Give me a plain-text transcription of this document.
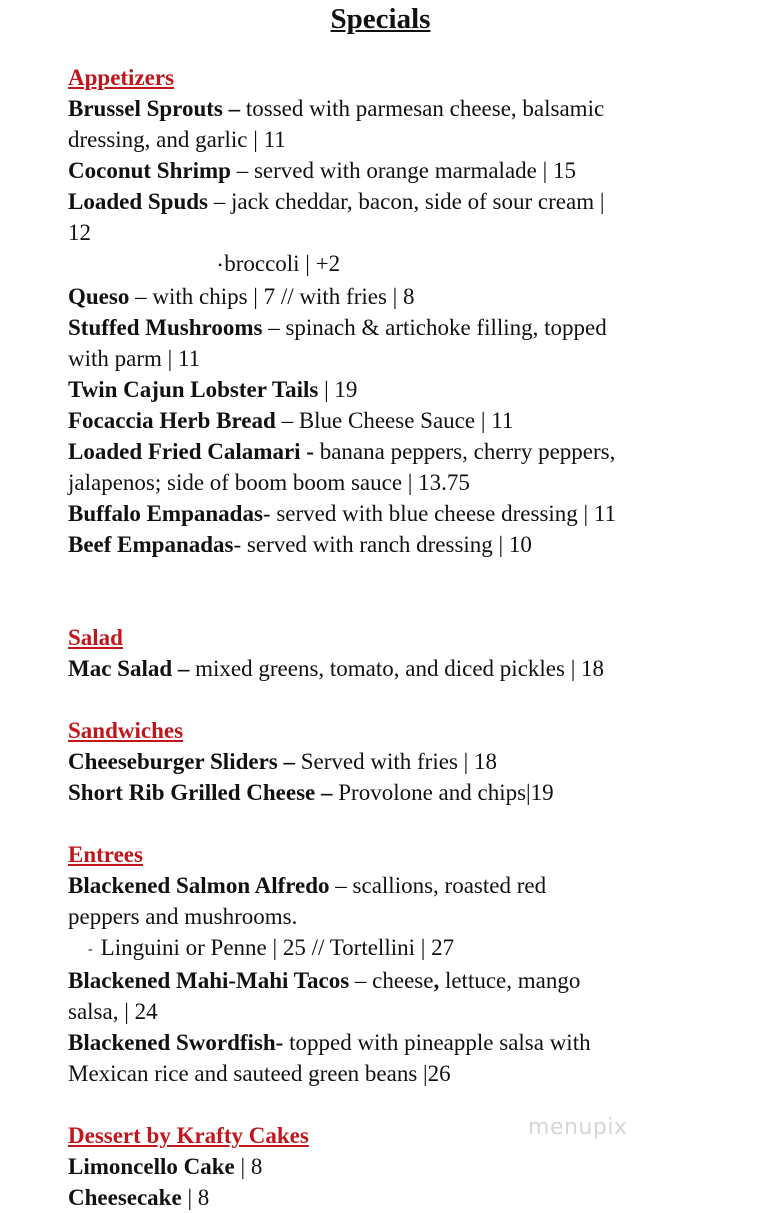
Specials
Appetizers
Brussel Sprouts – tossed with parmesan cheese, balsamic
dressing, and garlic | 11
Coconut Shrimp – served with orange marmalade | 15
Loaded Spuds – jack cheddar, bacon, side of sour cream |
12
•broccoli | +2
Queso – with chips | 7 // with fries | 8
Stuffed Mushrooms – spinach & artichoke filling, topped
with parm | 11
Twin Cajun Lobster Tails | 19
Focaccia Herb Bread – Blue Cheese Sauce | 11
Loaded Fried Calamari - banana peppers, cherry peppers,
jalapenos; side of boom boom sauce | 13.75
Buffalo Empanadas- served with blue cheese dressing | 11
Beef Empanadas- served with ranch dressing | 10
Salad
Mac Salad – mixed greens, tomato, and diced pickles | 18
Sandwiches
Cheeseburger Sliders – Served with fries | 18
Short Rib Grilled Cheese – Provolone and chips|19
Entrees
Blackened Salmon Alfredo – scallions, roasted red
peppers and mushrooms.
- Linguini or Penne | 25 // Tortellini | 27
Blackened Mahi-Mahi Tacos – cheese, lettuce, mango
salsa, | 24
Blackened Swordfish- topped with pineapple salsa with
Mexican rice and sauteed green beans |26
Dessert by Krafty Cakes
Limoncello Cake | 8
Cheesecake | 8
menupix
